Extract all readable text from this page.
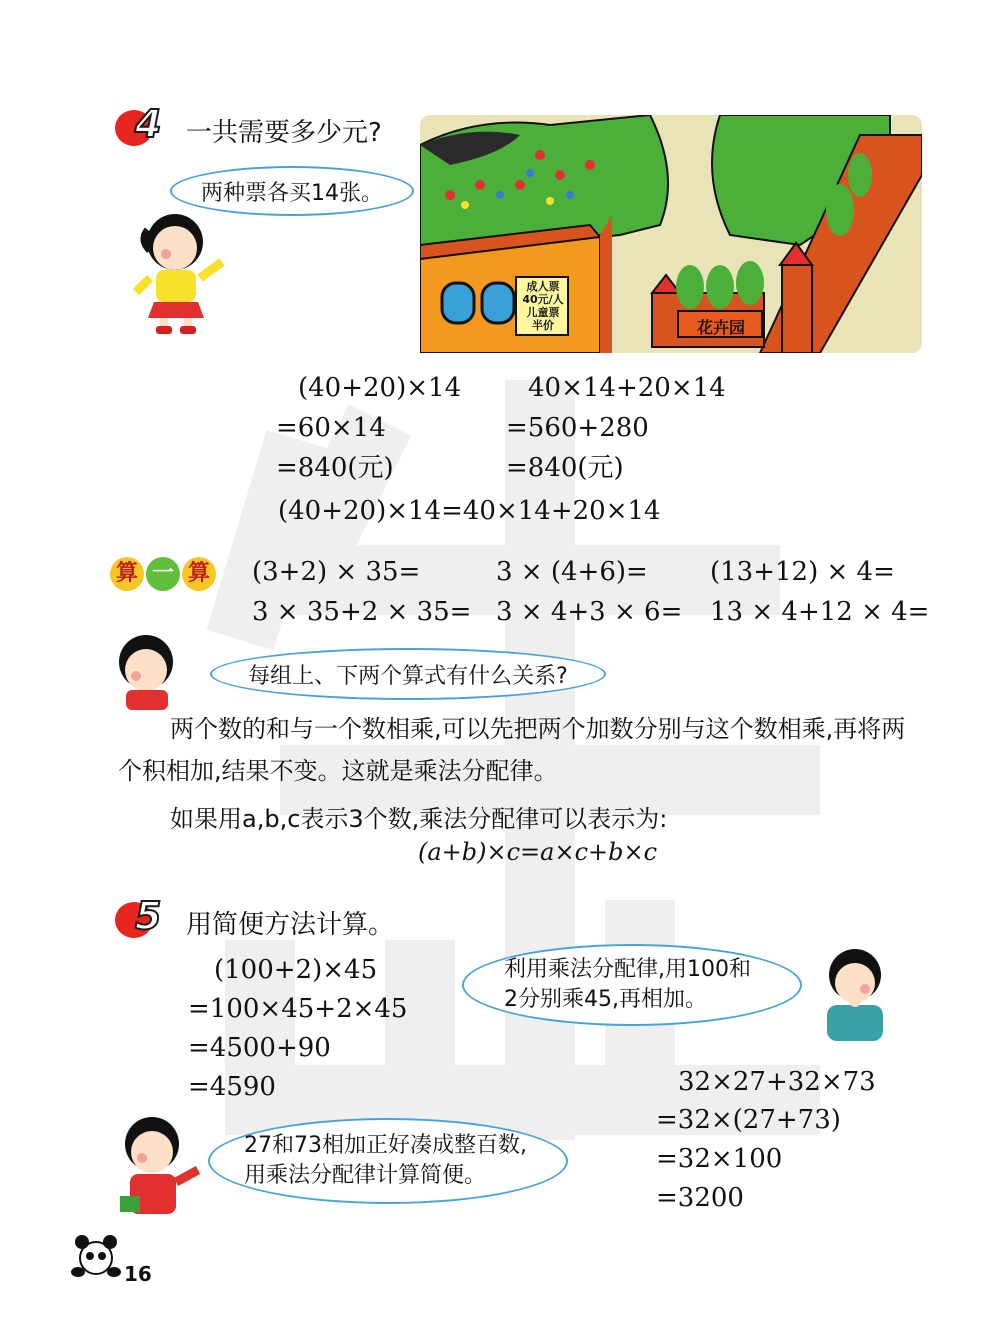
4 一共需要多少元?
两种票各买14张。
成人票
40元/人
儿童票
半价	花卉园
(40+20)×14
=60×14
=840(元)
40×14+20×14
=560+280
=840(元)
(40+20)×14=40×14+20×14
算 一 算 (3+2) × 35=
3 × 35+2 × 35=
3 × (4+6)=
3 × 4+3 × 6=
(13+12) × 4=
13 × 4+12 × 4=
每组上、下两个算式有什么关系?
两个数的和与一个数相乘,可以先把两个加数分别与这个数相乘,再将两个积相加,结果不变。这就是乘法分配律。
如果用a,b,c表示3个数,乘法分配律可以表示为:
(a+b)×c=a×c+b×c
5 用简便方法计算。
(100+2)×45
=100×45+2×45
=4500+90
=4590
利用乘法分配律,用100和2分别乘45,再相加。
32×27+32×73
=32×(27+73)
=32×100
=3200
27和73相加正好凑成整百数,用乘法分配律计算简便。
16
